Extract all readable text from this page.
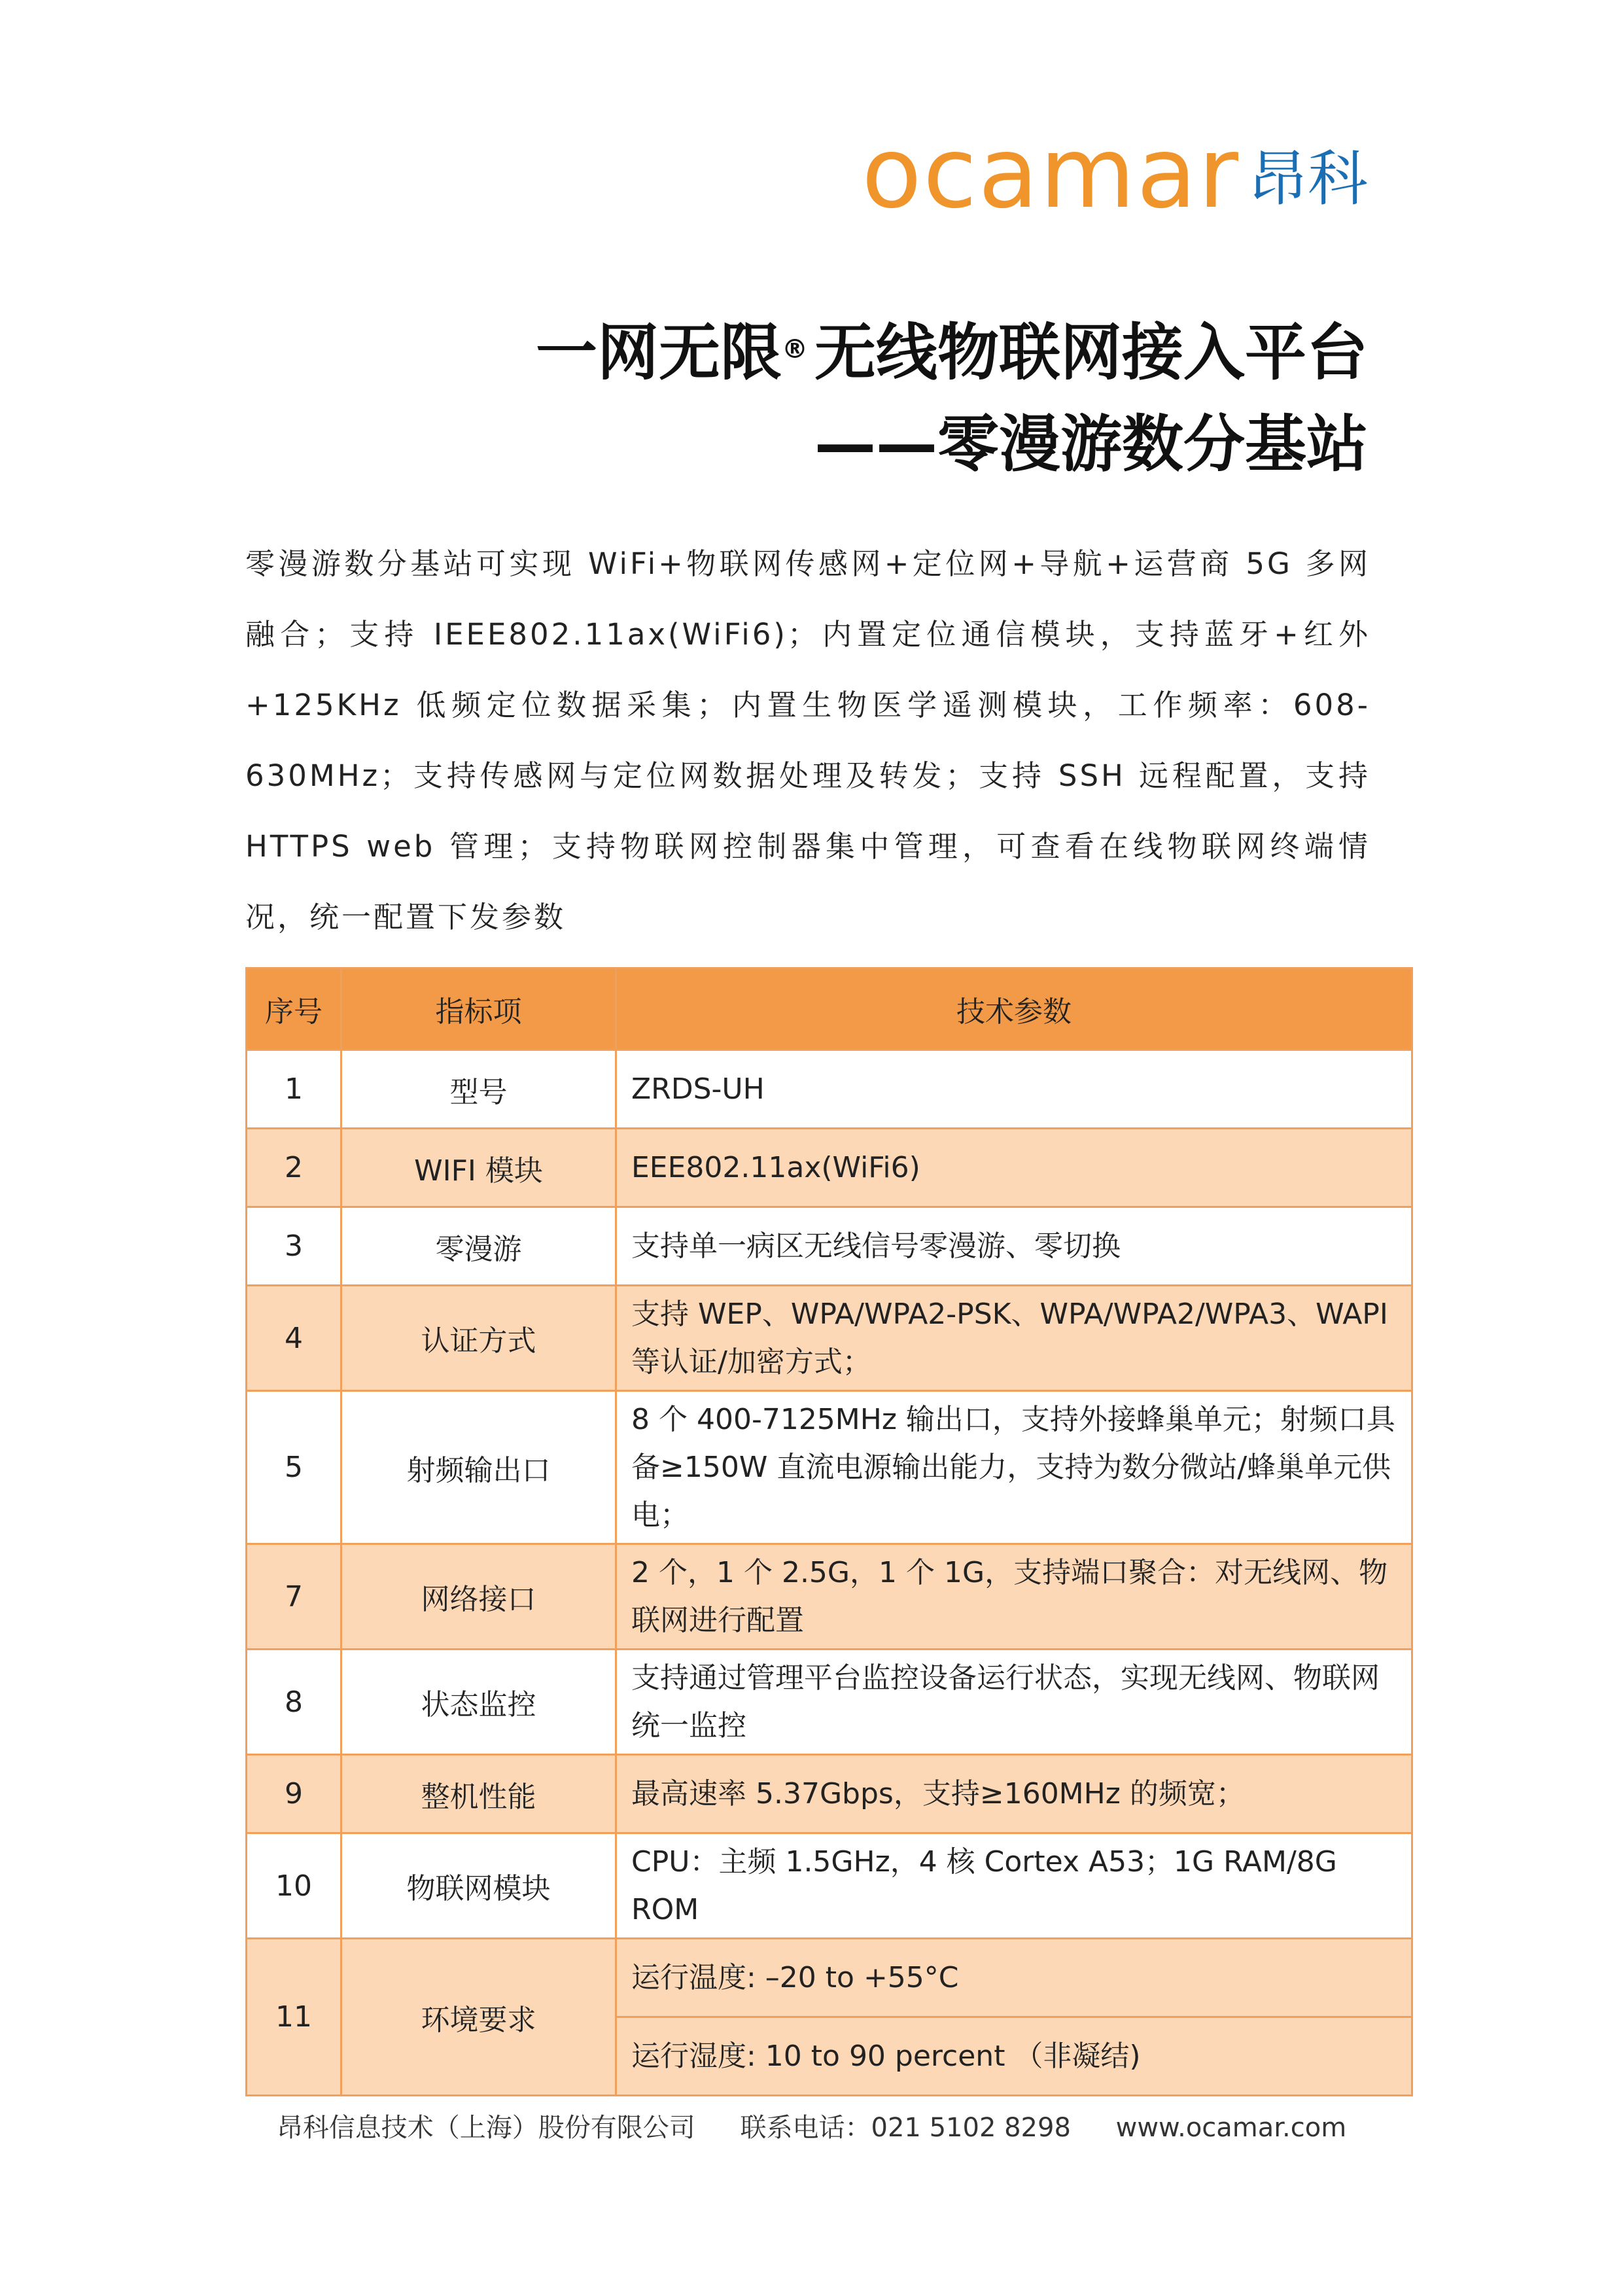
ocamar 昂科
一网无限® 无线物联网接入平台
——零漫游数分基站
零漫游数分基站可实现 WiFi+物联网传感网+定位网+导航+运营商 5G 多网融合；支持 IEEE802.11ax(WiFi6)；内置定位通信模块，支持蓝牙+红外+125KHz 低频定位数据采集；内置生物医学遥测模块，工作频率：608-630MHz；支持传感网与定位网数据处理及转发；支持 SSH 远程配置，支持 HTTPS web 管理；支持物联网控制器集中管理，可查看在线物联网终端情况，统一配置下发参数
序号	指标项	技术参数
1	型号	ZRDS-UH
2	WIFI 模块	EEE802.11ax(WiFi6)
3	零漫游	支持单一病区无线信号零漫游、零切换
4	认证方式	支持 WEP、WPA/WPA2-PSK、WPA/WPA2/WPA3、WAPI 等认证/加密方式；
5	射频输出口	8 个 400-7125MHz 输出口，支持外接蜂巢单元；射频口具备≥150W 直流电源输出能力，支持为数分微站/蜂巢单元供电；
7	网络接口	2 个，1 个 2.5G，1 个 1G，支持端口聚合：对无线网、物联网进行配置
8	状态监控	支持通过管理平台监控设备运行状态，实现无线网、物联网统一监控
9	整机性能	最高速率 5.37Gbps，支持≥160MHz 的频宽；
10	物联网模块	CPU：主频 1.5GHz，4 核 Cortex A53；1G RAM/8G ROM
11	环境要求	运行温度: –20 to +55°C
		运行湿度: 10 to 90 percent （非凝结)
昂科信息技术（上海）股份有限公司 联系电话：021 5102 8298 www.ocamar.com
